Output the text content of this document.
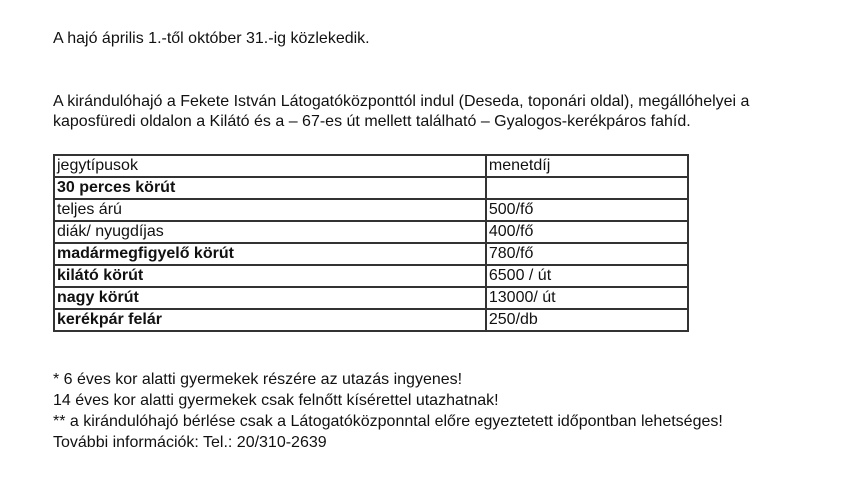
A hajó április 1.-től október 31.-ig közlekedik.
A kirándulóhajó a Fekete István Látogatóközponttól indul (Deseda, toponári oldal), megállóhelyei a
kaposfüredi oldalon a Kilátó és a – 67-es út mellett található – Gyalogos-kerékpáros fahíd.
jegytípusok	menetdíj
30 perces körút	
teljes árú	500/fő
diák/ nyugdíjas	400/fő
madármegfigyelő körút	780/fő
kilátó körút	6500 / út
nagy körút	13000/ út
kerékpár felár	250/db
* 6 éves kor alatti gyermekek részére az utazás ingyenes!
14 éves kor alatti gyermekek csak felnőtt kísérettel utazhatnak!
** a kirándulóhajó bérlése csak a Látogatóközponntal előre egyeztetett időpontban lehetséges!
További információk: Tel.: 20/310-2639
